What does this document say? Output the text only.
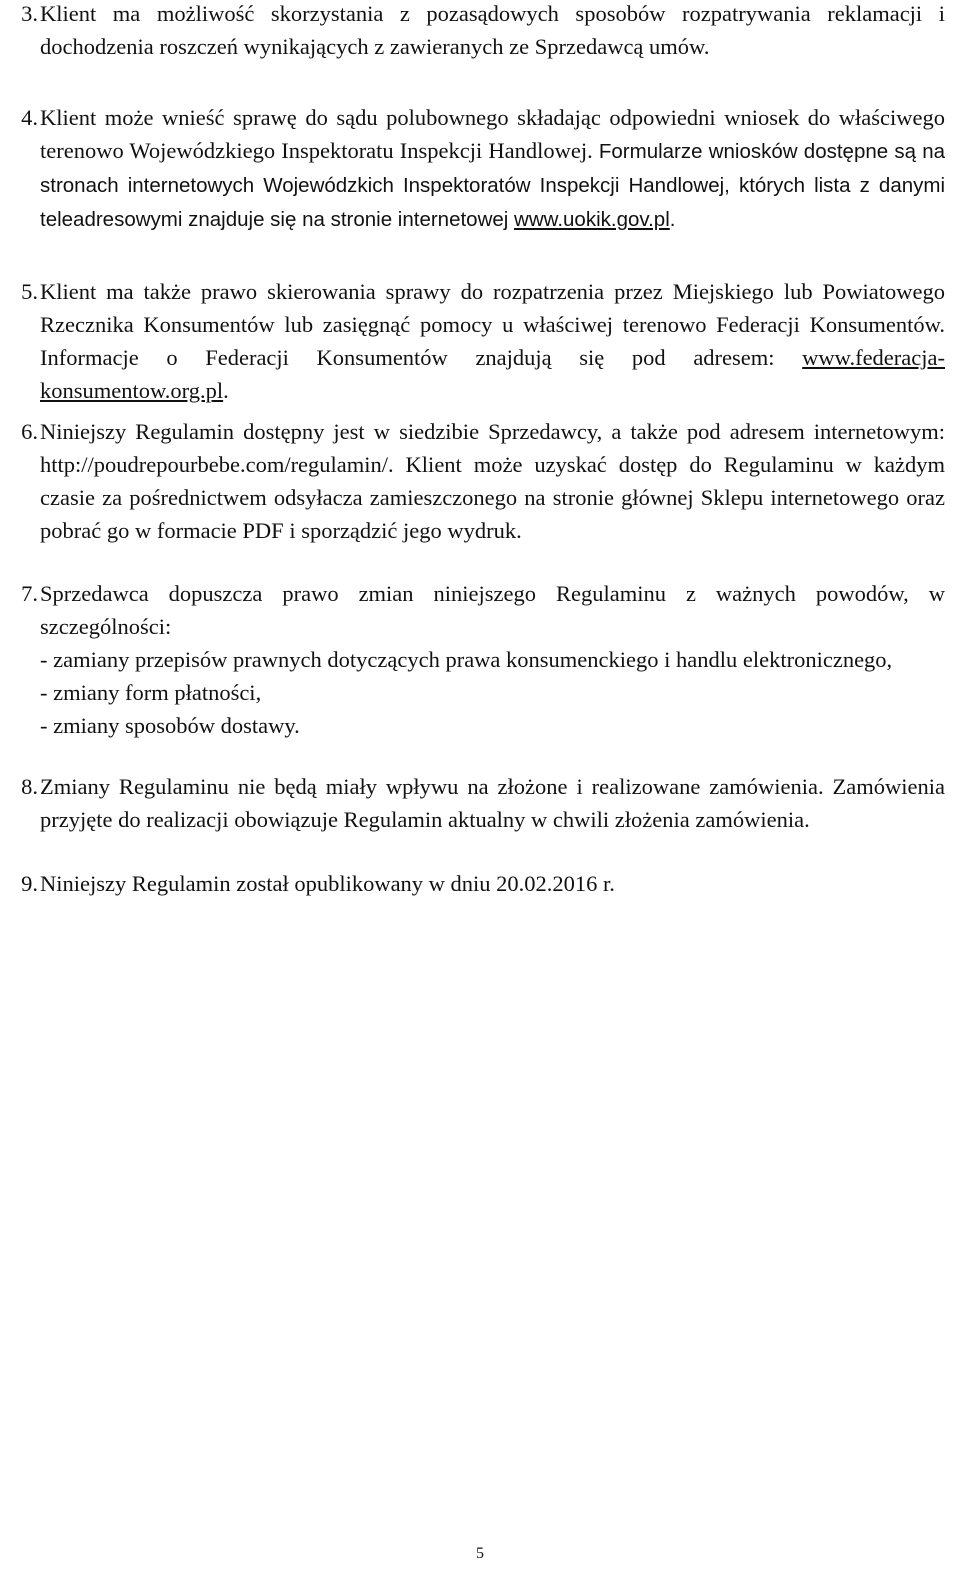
3. Klient ma możliwość skorzystania z pozasądowych sposobów rozpatrywania reklamacji i dochodzenia roszczeń wynikających z zawieranych ze Sprzedawcą umów.

4. Klient może wnieść sprawę do sądu polubownego składając odpowiedni wniosek do właściwego terenowo Wojewódzkiego Inspektoratu Inspekcji Handlowej. Formularze wniosków dostępne są na stronach internetowych Wojewódzkich Inspektoratów Inspekcji Handlowej, których lista z danymi teleadresowymi znajduje się na stronie internetowej www.uokik.gov.pl.

5. Klient ma także prawo skierowania sprawy do rozpatrzenia przez Miejskiego lub Powiatowego Rzecznika Konsumentów lub zasięgnąć pomocy u właściwej terenowo Federacji Konsumentów. Informacje o Federacji Konsumentów znajdują się pod adresem: www.federacja-konsumentow.org.pl.

6. Niniejszy Regulamin dostępny jest w siedzibie Sprzedawcy, a także pod adresem internetowym: http://poudrepourbebe.com/regulamin/. Klient może uzyskać dostęp do Regulaminu w każdym czasie za pośrednictwem odsyłacza zamieszczonego na stronie głównej Sklepu internetowego oraz pobrać go w formacie PDF i sporządzić jego wydruk.

7. Sprzedawca dopuszcza prawo zmian niniejszego Regulaminu z ważnych powodów, w szczególności:

- zamiany przepisów prawnych dotyczących prawa konsumenckiego i handlu elektronicznego,

- zmiany form płatności,

- zmiany sposobów dostawy.

8. Zmiany Regulaminu nie będą miały wpływu na złożone i realizowane zamówienia. Zamówienia przyjęte do realizacji obowiązuje Regulamin aktualny w chwili złożenia zamówienia.

9. Niniejszy Regulamin został opublikowany w dniu 20.02.2016 r.

5
